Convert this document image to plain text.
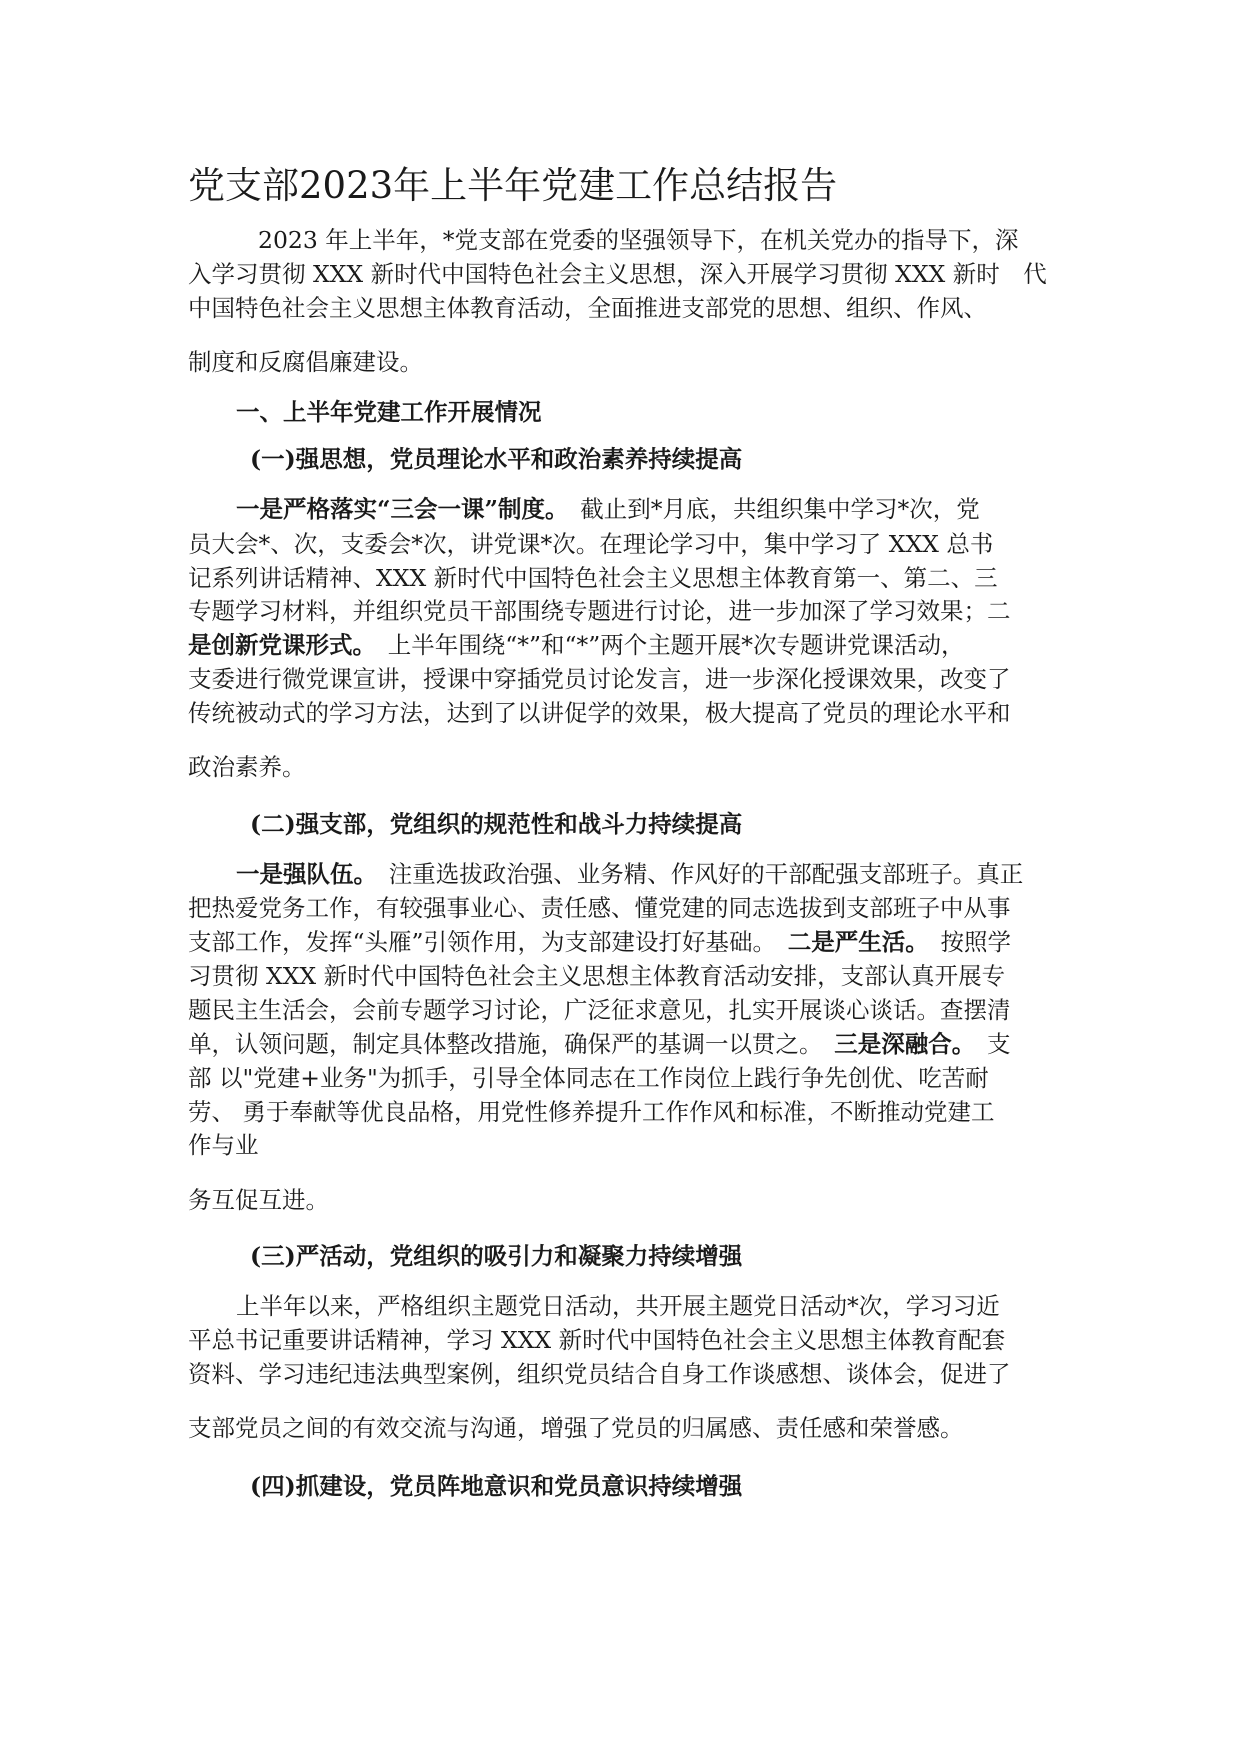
党支部2023年上半年党建工作总结报告
2023 年上半年，*党支部在党委的坚强领导下，在机关党办的指导下，深
入学习贯彻 XXX 新时代中国特色社会主义思想，深入开展学习贯彻 XXX 新时　代
中国特色社会主义思想主体教育活动，全面推进支部党的思想、组织、作风、
制度和反腐倡廉建设。
一、上半年党建工作开展情况
(一)强思想，党员理论水平和政治素养持续提高
一是严格落实“三会一课”制度。　截止到*月底，共组织集中学习*次，党
员大会*、次，支委会*次，讲党课*次。在理论学习中，集中学习了 XXX 总书
记系列讲话精神、XXX 新时代中国特色社会主义思想主体教育第一、第二、三
专题学习材料，并组织党员干部围绕专题进行讨论，进一步加深了学习效果；二
是创新党课形式。　上半年围绕“*”和“*”两个主题开展*次专题讲党课活动，
支委进行微党课宣讲，授课中穿插党员讨论发言，进一步深化授课效果，改变了
传统被动式的学习方法，达到了以讲促学的效果，极大提高了党员的理论水平和
政治素养。
(二)强支部，党组织的规范性和战斗力持续提高
一是强队伍。　注重选拔政治强、业务精、作风好的干部配强支部班子。真正
把热爱党务工作，有较强事业心、责任感、懂党建的同志选拔到支部班子中从事
支部工作，发挥“头雁”引领作用，为支部建设打好基础。　 二是严生活。　 按照学
习贯彻 XXX 新时代中国特色社会主义思想主体教育活动安排，支部认真开展专
题民主生活会，会前专题学习讨论，广泛征求意见，扎实开展谈心谈话。查摆清
单，认领问题，制定具体整改措施，确保严的基调一以贯之。　 三是深融合。　 支
部 以"党建+业务"为抓手，引导全体同志在工作岗位上践行争先创优、吃苦耐
劳、 勇于奉献等优良品格，用党性修养提升工作作风和标准，不断推动党建工
作与业
务互促互进。
(三)严活动，党组织的吸引力和凝聚力持续增强
上半年以来，严格组织主题党日活动，共开展主题党日活动*次，学习习近
平总书记重要讲话精神，学习 XXX 新时代中国特色社会主义思想主体教育配套
资料、学习违纪违法典型案例，组织党员结合自身工作谈感想、谈体会，促进了
支部党员之间的有效交流与沟通，增强了党员的归属感、责任感和荣誉感。
(四)抓建设，党员阵地意识和党员意识持续增强
